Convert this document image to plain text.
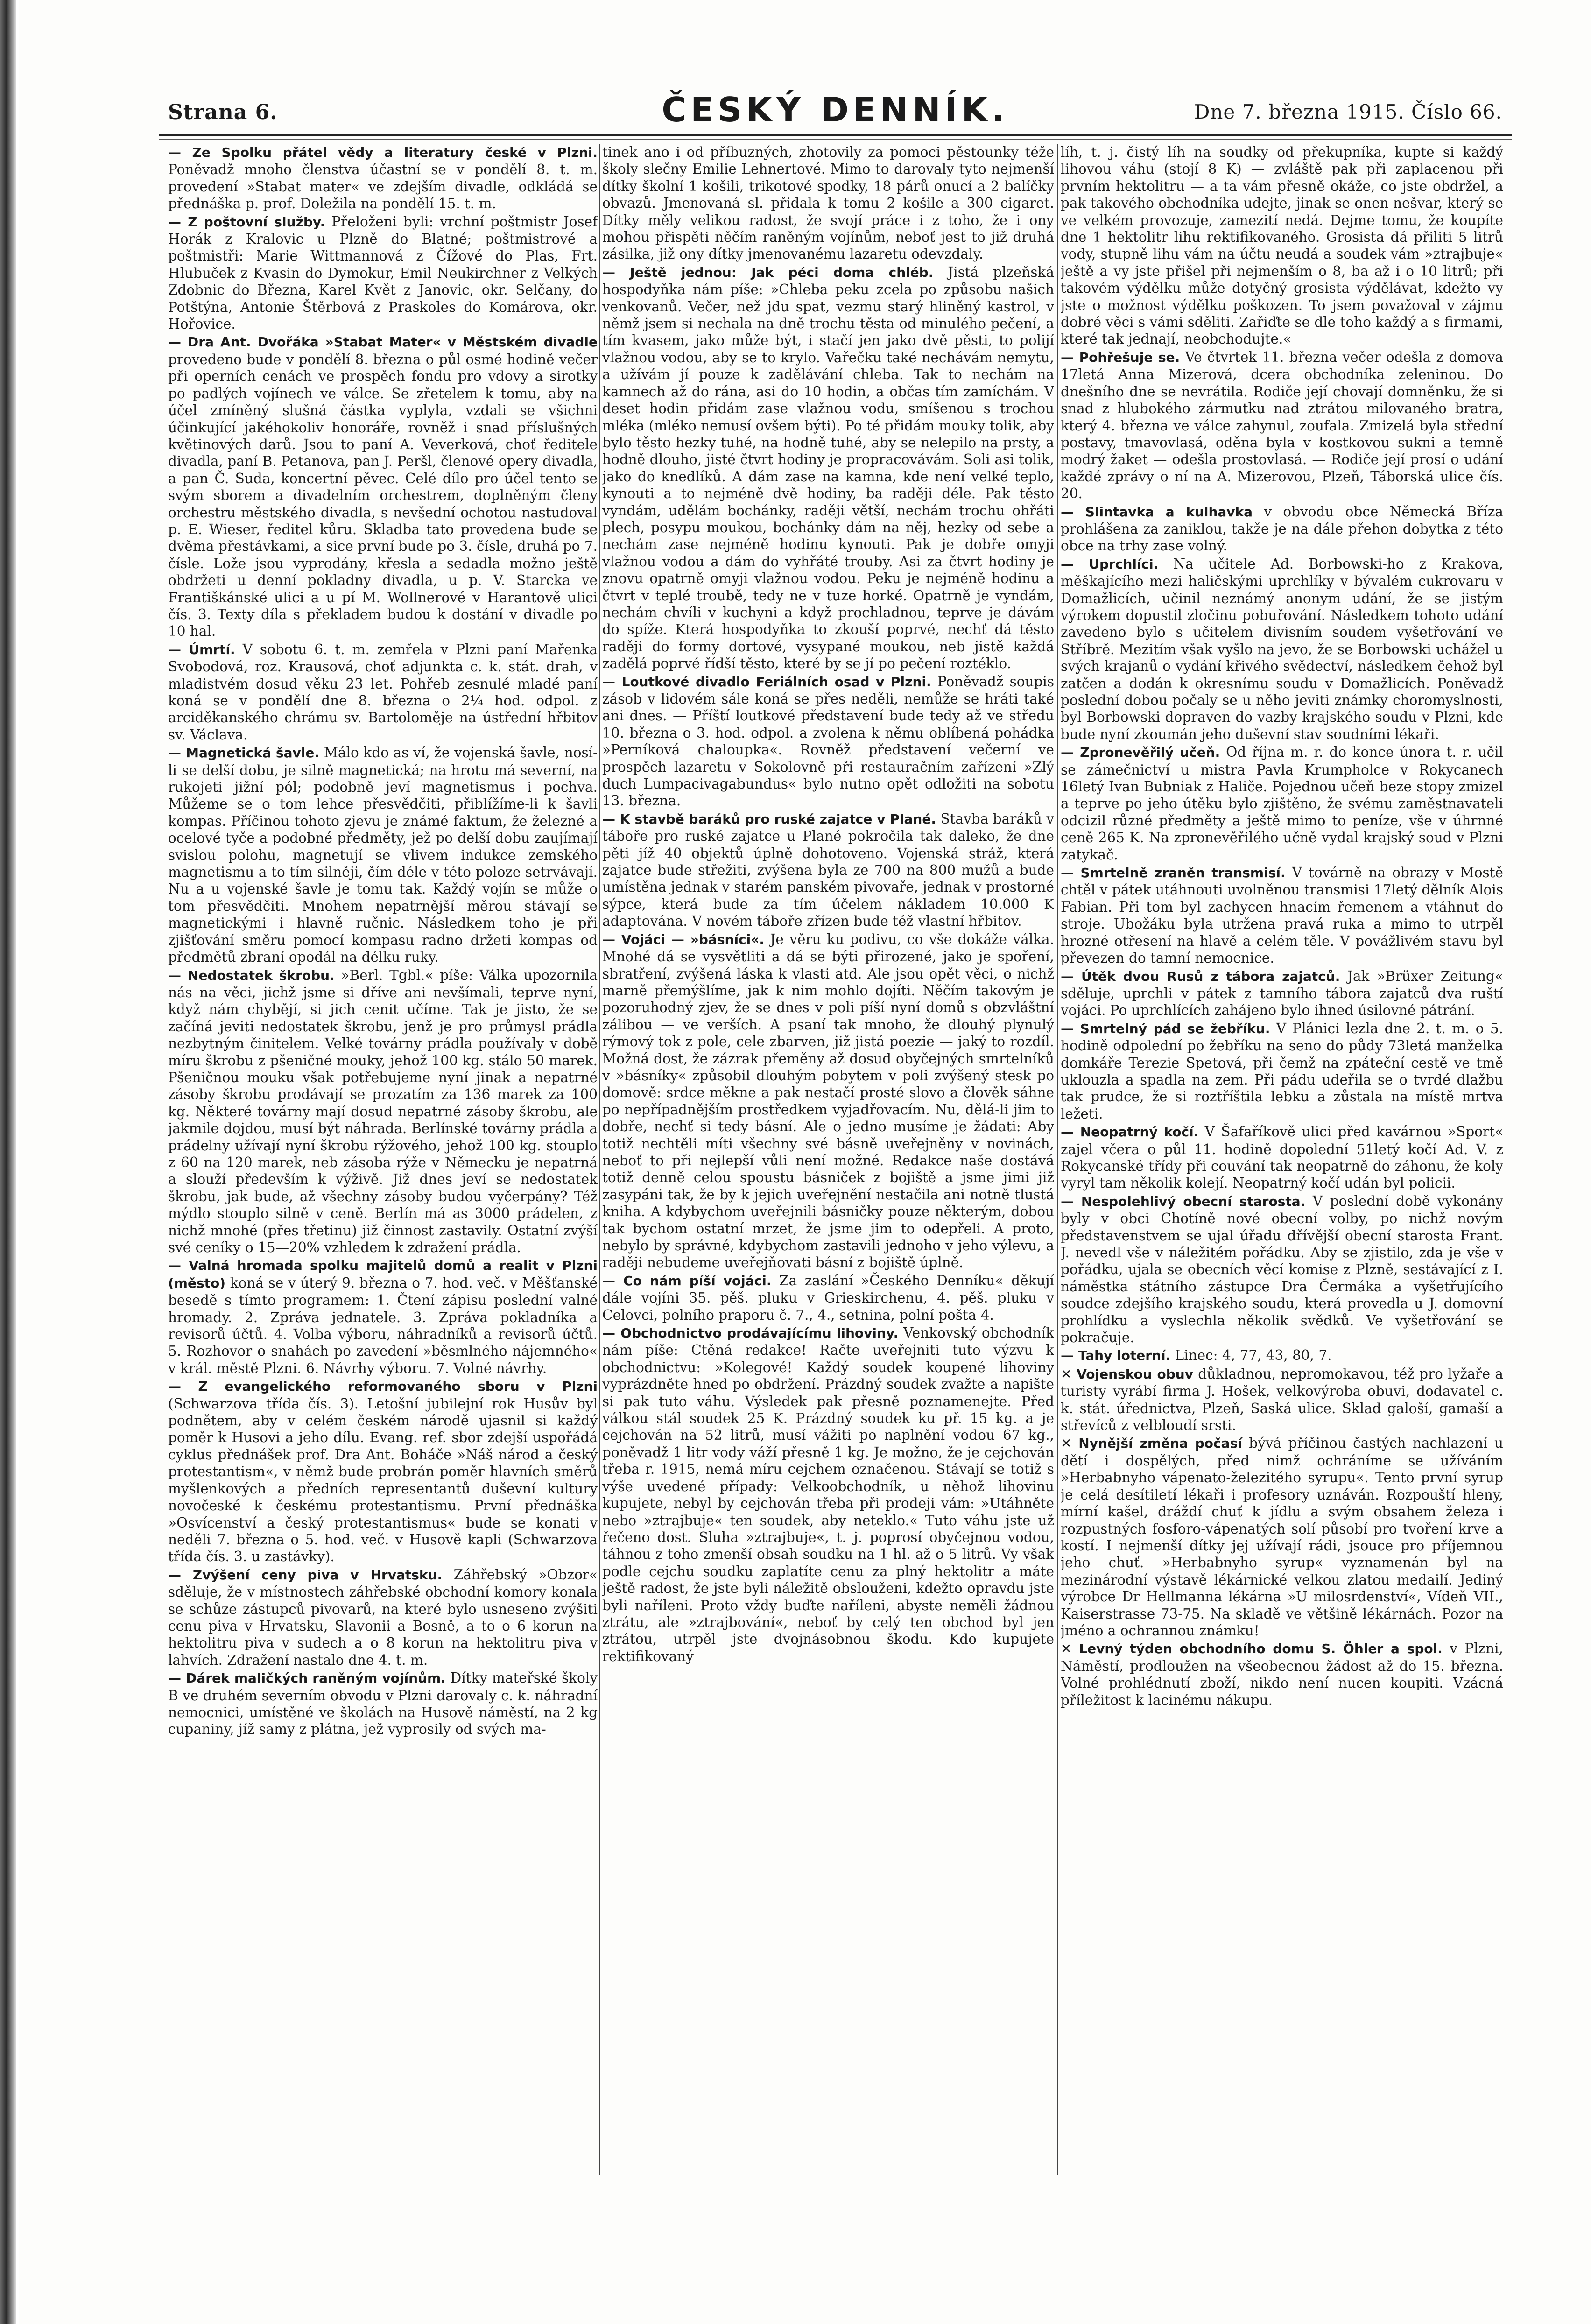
Strana 6.	ČESKÝ DENNÍK.	Dne 7. března 1915. Číslo 66.

— Ze Spolku přátel vědy a literatury české v Plzni. Poněvadž mnoho členstva účastní se v pondělí 8. t. m. provedení »Stabat mater« ve zdejším divadle, odkládá se přednáška p. prof. Doležila na pondělí 15. t. m.

— Z poštovní služby. Přeloženi byli: vrchní poštmistr Josef Horák z Kralovic u Plzně do Blatné; poštmistrové a poštmistři: Marie Wittmannová z Čížové do Plas, Frt. Hlubuček z Kvasin do Dymokur, Emil Neukirchner z Velkých Zdobnic do Března, Karel Květ z Janovic, okr. Selčany, do Potštýna, Antonie Štěrbová z Praskoles do Komárova, okr. Hořovice.

— Dra Ant. Dvořáka »Stabat Mater« v Městském divadle provedeno bude v pondělí 8. března o půl osmé hodině večer při operních cenách ve prospěch fondu pro vdovy a sirotky po padlých vojínech ve válce. Se zřetelem k tomu, aby na účel zmíněný slušná částka vyplyla, vzdali se všichni účinkující jakéhokoliv honoráře, rovněž i snad příslušných květinových darů. Jsou to paní A. Veverková, choť ředitele divadla, paní B. Petanova, pan J. Peršl, členové opery divadla, a pan Č. Suda, koncertní pěvec. Celé dílo pro účel tento se svým sborem a divadelním orchestrem, doplněným členy orchestru městského divadla, s nevšední ochotou nastudoval p. E. Wieser, ředitel kůru. Skladba tato provedena bude se dvěma přestávkami, a sice první bude po 3. čísle, druhá po 7. čísle. Lože jsou vyprodány, křesla a sedadla možno ještě obdržeti u denní pokladny divadla, u p. V. Starcka ve Františkánské ulici a u pí M. Wollnerové v Harantově ulici čís. 3. Texty díla s překladem budou k dostání v divadle po 10 hal.

— Úmrtí. V sobotu 6. t. m. zemřela v Plzni paní Mařenka Svobodová, roz. Krausová, choť adjunkta c. k. stát. drah, v mladistvém dosud věku 23 let. Pohřeb zesnulé mladé paní koná se v pondělí dne 8. března o 2¼ hod. odpol. z arciděkanského chrámu sv. Bartoloměje na ústřední hřbitov sv. Václava.

— Magnetická šavle. Málo kdo as ví, že vojenská šavle, nosí-li se delší dobu, je silně magnetická; na hrotu má severní, na rukojeti jižní pól; podobně jeví magnetismus i pochva. Můžeme se o tom lehce přesvědčiti, přiblížíme-li k šavli kompas. Příčinou tohoto zjevu je známé faktum, že železné a ocelové tyče a podobné předměty, jež po delší dobu zaujímají svislou polohu, magnetují se vlivem indukce zemského magnetismu a to tím silněji, čím déle v této poloze setrvávají. Nu a u vojenské šavle je tomu tak. Každý vojín se může o tom přesvědčiti. Mnohem nepatrnější měrou stávají se magnetickými i hlavně ručnic. Následkem toho je při zjišťování směru pomocí kompasu radno držeti kompas od předmětů zbraní opodál na délku ruky.

— Nedostatek škrobu. »Berl. Tgbl.« píše: Válka upozornila nás na věci, jichž jsme si dříve ani nevšímali, teprve nyní, když nám chybějí, si jich cenit učíme. Tak je jisto, že se začíná jeviti nedostatek škrobu, jenž je pro průmysl prádla nezbytným činitelem. Velké továrny prádla používaly v době míru škrobu z pšeničné mouky, jehož 100 kg. stálo 50 marek. Pšeničnou mouku však potřebujeme nyní jinak a nepatrné zásoby škrobu prodávají se prozatím za 136 marek za 100 kg. Některé továrny mají dosud nepatrné zásoby škrobu, ale jakmile dojdou, musí být náhrada. Berlínské továrny prádla a prádelny užívají nyní škrobu rýžového, jehož 100 kg. stouplo z 60 na 120 marek, neb zásoba rýže v Německu je nepatrná a slouží především k výživě. Již dnes jeví se nedostatek škrobu, jak bude, až všechny zásoby budou vyčerpány? Též mýdlo stouplo silně v ceně. Berlín má as 3000 prádelen, z nichž mnohé (přes třetinu) již činnost zastavily. Ostatní zvýší své ceníky o 15—20% vzhledem k zdražení prádla.

— Valná hromada spolku majitelů domů a realit v Plzni (město) koná se v úterý 9. března o 7. hod. več. v Měšťanské besedě s tímto programem: 1. Čtení zápisu poslední valné hromady. 2. Zpráva jednatele. 3. Zpráva pokladníka a revisorů účtů. 4. Volba výboru, náhradníků a revisorů účtů. 5. Rozhovor o snahách po zavedení »běsmlného nájemného« v král. městě Plzni. 6. Návrhy výboru. 7. Volné návrhy.

— Z evangelického reformovaného sboru v Plzni (Schwarzova třída čís. 3). Letošní jubilejní rok Husův byl podnětem, aby v celém českém národě ujasnil si každý poměr k Husovi a jeho dílu. Evang. ref. sbor zdejší uspořádá cyklus přednášek prof. Dra Ant. Boháče »Náš národ a český protestantism«, v němž bude probrán poměr hlavních směrů myšlenkových a předních representantů duševní kultury novočeské k českému protestantismu. První přednáška »Osvícenství a český protestantismus« bude se konati v neděli 7. března o 5. hod. več. v Husově kapli (Schwarzova třída čís. 3. u zastávky).

— Zvýšení ceny piva v Hrvatsku. Záhřebský »Obzor« sděluje, že v místnostech záhřebské obchodní komory konala se schůze zástupců pivovarů, na které bylo usneseno zvýšiti cenu piva v Hrvatsku, Slavonii a Bosně, a to o 6 korun na hektolitru piva v sudech a o 8 korun na hektolitru piva v lahvích. Zdražení nastalo dne 4. t. m.

— Dárek maličkých raněným vojínům. Dítky mateřské školy B ve druhém severním obvodu v Plzni darovaly c. k. náhradní nemocnici, umístěné ve školách na Husově náměstí, na 2 kg cupaniny, jíž samy z plátna, jež vyprosily od svých ma-

tinek ano i od příbuzných, zhotovily za pomoci pěstounky téže školy slečny Emilie Lehnertové. Mimo to darovaly tyto nejmenší dítky školní 1 košili, trikotové spodky, 18 párů onucí a 2 balíčky obvazů. Jmenovaná sl. přidala k tomu 2 košile a 300 cigaret. Dítky měly velikou radost, že svojí práce i z toho, že i ony mohou přispěti něčím raněným vojínům, neboť jest to již druhá zásilka, již ony dítky jmenovanému lazaretu odevzdaly.

— Ještě jednou: Jak péci doma chléb. Jistá plzeňská hospodyňka nám píše: »Chleba peku zcela po způsobu našich venkovanů. Večer, než jdu spat, vezmu starý hliněný kastrol, v němž jsem si nechala na dně trochu těsta od minulého pečení, a tím kvasem, jako může být, i stačí jen jako dvě pěsti, to polijí vlažnou vodou, aby se to krylo. Vařečku také nechávám nemytu, a užívám jí pouze k zadělávání chleba. Tak to nechám na kamnech až do rána, asi do 10 hodin, a občas tím zamíchám. V deset hodin přidám zase vlažnou vodu, smíšenou s trochou mléka (mléko nemusí ovšem býti). Po té přidám mouky tolik, aby bylo těsto hezky tuhé, na hodně tuhé, aby se nelepilo na prsty, a hodně dlouho, jisté čtvrt hodiny je propracovávám. Soli asi tolik, jako do knedlíků. A dám zase na kamna, kde není velké teplo, kynouti a to nejméně dvě hodiny, ba raději déle. Pak těsto vyndám, udělám bochánky, raději větší, nechám trochu ohřáti plech, posypu moukou, bochánky dám na něj, hezky od sebe a nechám zase nejméně hodinu kynouti. Pak je dobře omyji vlažnou vodou a dám do vyhřáté trouby. Asi za čtvrt hodiny je znovu opatrně omyji vlažnou vodou. Peku je nejméně hodinu a čtvrt v teplé troubě, tedy ne v tuze horké. Opatrně je vyndám, nechám chvíli v kuchyni a když prochladnou, teprve je dávám do spíže. Která hospodyňka to zkouší poprvé, nechť dá těsto raději do formy dortové, vysypané moukou, neb jistě každá zadělá poprvé řídší těsto, které by se jí po pečení roztéklo.

— Loutkové divadlo Feriálních osad v Plzni. Poněvadž soupis zásob v lidovém sále koná se přes neděli, nemůže se hráti také ani dnes. — Příští loutkové představení bude tedy až ve středu 10. března o 3. hod. odpol. a zvolena k němu oblíbená pohádka »Perníková chaloupka«. Rovněž představení večerní ve prospěch lazaretu v Sokolovně při restauračním zařízení »Zlý duch Lumpacivagabundus« bylo nutno opět odložiti na sobotu 13. března.

— K stavbě baráků pro ruské zajatce v Plané. Stavba baráků v táboře pro ruské zajatce u Plané pokročila tak daleko, že dne pěti jíž 40 objektů úplně dohotoveno. Vojenská stráž, která zajatce bude střežiti, zvýšena byla ze 700 na 800 mužů a bude umístěna jednak v starém panském pivovaře, jednak v prostorné sýpce, která bude za tím účelem nákladem 10.000 K adaptována. V novém táboře zřízen bude též vlastní hřbitov.

— Vojáci — »básníci«. Je věru ku podivu, co vše dokáže válka. Mnohé dá se vysvětliti a dá se býti přirozené, jako je spoření, sbratření, zvýšená láska k vlasti atd. Ale jsou opět věci, o nichž marně přemýšlíme, jak k nim mohlo dojíti. Něčím takovým je pozoruhodný zjev, že se dnes v poli píší nyní domů s obzvláštní zálibou — ve verších. A psaní tak mnoho, že dlouhý plynulý rýmový tok z pole, cele zbarven, již jistá poezie — jaký to rozdíl. Možná dost, že zázrak přeměny až dosud obyčejných smrtelníků v »básníky« způsobil dlouhým pobytem v poli zvýšený stesk po domově: srdce měkne a pak nestačí prosté slovo a člověk sáhne po nepřípadnějším prostředkem vyjadřovacím. Nu, dělá-li jim to dobře, nechť si tedy básní. Ale o jedno musíme je žádati: Aby totiž nechtěli míti všechny své básně uveřejněny v novinách, neboť to při nejlepší vůli není možné. Redakce naše dostává totiž denně celou spoustu básniček z bojiště a jsme jimi již zasypáni tak, že by k jejich uveřejnění nestačila ani notně tlustá kniha. A kdybychom uveřejnili básničky pouze některým, dobou tak bychom ostatní mrzet, že jsme jim to odepřeli. A proto, nebylo by správné, kdybychom zastavili jednoho v jeho výlevu, a raději nebudeme uveřejňovati básní z bojiště úplně.

— Co nám píší vojáci. Za zaslání »Českého Denníku« děkují dále vojíni 35. pěš. pluku v Grieskirchenu, 4. pěš. pluku v Celovci, polního praporu č. 7., 4., setnina, polní pošta 4.

— Obchodnictvo prodávajícímu lihoviny. Venkovský obchodník nám píše: Ctěná redakce! Račte uveřejniti tuto výzvu k obchodnictvu: »Kolegové! Každý soudek koupené lihoviny vyprázdněte hned po obdržení. Prázdný soudek zvažte a napište si pak tuto váhu. Výsledek pak přesně poznamenejte. Před válkou stál soudek 25 K. Prázdný soudek ku př. 15 kg. a je cejchován na 52 litrů, musí vážiti po naplnění vodou 67 kg., poněvadž 1 litr vody váží přesně 1 kg. Je možno, že je cejchován třeba r. 1915, nemá míru cejchem označenou. Stávají se totiž s výše uvedené případy: Velkoobchodník, u něhož lihovinu kupujete, nebyl by cejchován třeba při prodeji vám: »Utáhněte nebo »ztrajbuje« ten soudek, aby neteklo.« Tuto váhu jste už řečeno dost. Sluha »ztrajbuje«, t. j. poprosí obyčejnou vodou, táhnou z toho zmenší obsah soudku na 1 hl. až o 5 litrů. Vy však podle cejchu soudku zaplatíte cenu za plný hektolitr a máte ještě radost, že jste byli náležitě obslouženi, kdežto opravdu jste byli naříleni. Proto vždy buďte naříleni, abyste neměli žádnou ztrátu, ale »ztrajbování«, neboť by celý ten obchod byl jen ztrátou, utrpěl jste dvojnásobnou škodu. Kdo kupujete rektifikovaný

líh, t. j. čistý líh na soudky od překupníka, kupte si každý lihovou váhu (stojí 8 K) — zvláště pak při zaplacenou při prvním hektolitru — a ta vám přesně okáže, co jste obdržel, a pak takového obchodníka udejte, jinak se onen nešvar, který se ve velkém provozuje, zamezití nedá. Dejme tomu, že koupíte dne 1 hektolitr lihu rektifikovaného. Grosista dá přiliti 5 litrů vody, stupně lihu vám na účtu neudá a soudek vám »ztrajbuje« ještě a vy jste přišel při nejmenším o 8, ba až i o 10 litrů; při takovém výdělku může dotyčný grosista výdělávat, kdežto vy jste o možnost výdělku poškozen. To jsem považoval v zájmu dobré věci s vámi sděliti. Zařiďte se dle toho každý a s firmami, které tak jednají, neobchodujte.«

— Pohřešuje se. Ve čtvrtek 11. března večer odešla z domova 17letá Anna Mizerová, dcera obchodníka zeleninou. Do dnešního dne se nevrátila. Rodiče její chovají domněnku, že si snad z hlubokého zármutku nad ztrátou milovaného bratra, který 4. března ve válce zahynul, zoufala. Zmizelá byla střední postavy, tmavovlasá, oděna byla v kostkovou sukni a temně modrý žaket — odešla prostovlasá. — Rodiče její prosí o udání každé zprávy o ní na A. Mizerovou, Plzeň, Táborská ulice čís. 20.

— Slintavka a kulhavka v obvodu obce Německá Bříza prohlášena za zaniklou, takže je na dále přehon dobytka z této obce na trhy zase volný.

— Uprchlíci. Na učitele Ad. Borbowski-ho z Krakova, měškajícího mezi haličskými uprchlíky v bývalém cukrovaru v Domažlicích, učinil neznámý anonym udání, že se jistým výrokem dopustil zločinu pobuřování. Následkem tohoto udání zavedeno bylo s učitelem divisním soudem vyšetřování ve Stříbrě. Mezitím však vyšlo na jevo, že se Borbowski uchážel u svých krajanů o vydání křivého svědectví, následkem čehož byl zatčen a dodán k okresnímu soudu v Domažlicích. Poněvadž poslední dobou počaly se u něho jeviti známky choromyslnosti, byl Borbowski dopraven do vazby krajského soudu v Plzni, kde bude nyní zkoumán jeho duševní stav soudními lékaři.

— Zpronevěřilý učeň. Od října m. r. do konce února t. r. učil se zámečnictví u mistra Pavla Krumpholce v Rokycanech 16letý Ivan Bubniak z Haliče. Pojednou učeň beze stopy zmizel a teprve po jeho útěku bylo zjištěno, že svému zaměstnavateli odcizil různé předměty a ještě mimo to peníze, vše v úhrnné ceně 265 K. Na zpronevěřilého učně vydal krajský soud v Plzni zatykač.

— Smrtelně zraněn transmisí. V továrně na obrazy v Mostě chtěl v pátek utáhnouti uvolněnou transmisi 17letý dělník Alois Fabian. Při tom byl zachycen hnacím řemenem a vtáhnut do stroje. Ubožáku byla utržena pravá ruka a mimo to utrpěl hrozné otřesení na hlavě a celém těle. V povážlivém stavu byl převezen do tamní nemocnice.

— Útěk dvou Rusů z tábora zajatců. Jak »Brüxer Zeitung« sděluje, uprchli v pátek z tamního tábora zajatců dva ruští vojáci. Po uprchlících zahájeno bylo ihned úsilovné pátrání.

— Smrtelný pád se žebříku. V Plánici lezla dne 2. t. m. o 5. hodině odpolední po žebříku na seno do půdy 73letá manželka domkáře Terezie Spetová, při čemž na zpáteční cestě ve tmě uklouzla a spadla na zem. Při pádu udeřila se o tvrdé dlažbu tak prudce, že si roztříštila lebku a zůstala na místě mrtva ležeti.

— Neopatrný kočí. V Šafaříkově ulici před kavárnou »Sport« zajel včera o půl 11. hodině dopolední 51letý kočí Ad. V. z Rokycanské třídy při couvání tak neopatrně do záhonu, že koly vyryl tam několik kolejí. Neopatrný kočí udán byl policii.

— Nespolehlivý obecní starosta. V poslední době vykonány byly v obci Chotíně nové obecní volby, po nichž novým představenstvem se ujal úřadu dřívější obecní starosta Frant. J. nevedl vše v náležitém pořádku. Aby se zjistilo, zda je vše v pořádku, ujala se obecních věcí komise z Plzně, sestávající z I. náměstka státního zástupce Dra Čermáka a vyšetřujícího soudce zdejšího krajského soudu, která provedla u J. domovní prohlídku a vyslechla několik svědků. Ve vyšetřování se pokračuje.

— Tahy loterní. Linec: 4, 77, 43, 80, 7.

✕ Vojenskou obuv důkladnou, nepromokavou, též pro lyžaře a turisty vyrábí firma J. Hošek, velkovýroba obuvi, dodavatel c. k. stát. úřednictva, Plzeň, Saská ulice. Sklad galoší, gamaší a střevíců z velbloudí srsti.

✕ Nynější změna počasí bývá příčinou častých nachlazení u dětí i dospělých, před nimž ochráníme se užíváním »Herbabnyho vápenato-železitého syrupu«. Tento první syrup je celá desítiletí lékaři i profesory uznáván. Rozpouští hleny, mírní kašel, dráždí chuť k jídlu a svým obsahem železa i rozpustných fosforo-vápenatých solí působí pro tvoření krve a kostí. I nejmenší dítky jej užívají rádi, jsouce pro příjemnou jeho chuť. »Herbabnyho syrup« vyznamenán byl na mezinárodní výstavě lékárnické velkou zlatou medailí. Jediný výrobce Dr Hellmanna lékárna »U milosrdenství«, Vídeň VII., Kaiserstrasse 73-75. Na skladě ve většině lékárnách. Pozor na jméno a ochrannou známku!

✕ Levný týden obchodního domu S. Öhler a spol. v Plzni, Náměstí, prodloužen na všeobecnou žádost až do 15. března. Volné prohlédnutí zboží, nikdo není nucen koupiti. Vzácná příležitost k lacinému nákupu.
